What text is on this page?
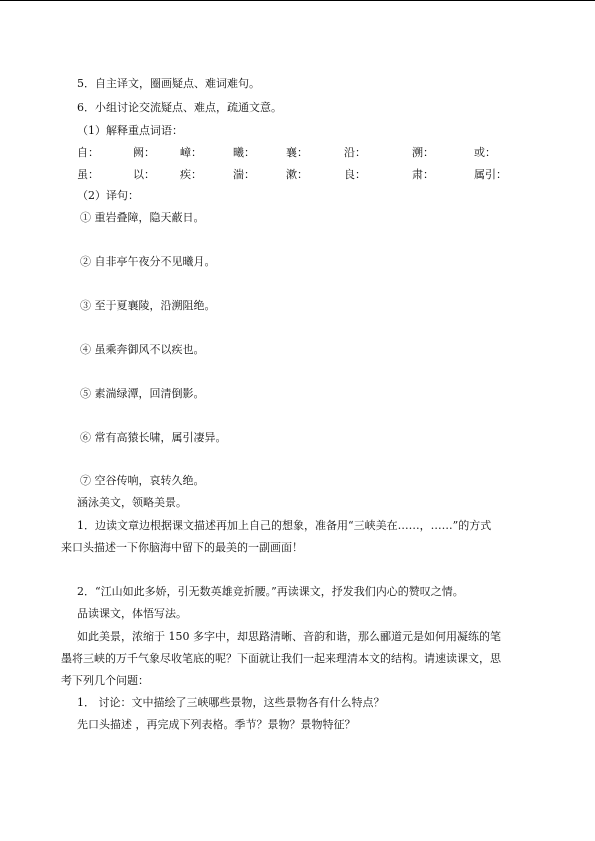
5．自主译文，圈画疑点、难词难句。
6．小组讨论交流疑点、难点，疏通文意。
（1）解释重点词语：
自：	阙： 嶂：	曦：	襄：	沿：	溯：	或：
虽：	以： 疾：	湍：	漱：	良：	肃：	属引：
（2）译句：
① 重岩叠障，隐天蔽日。
② 自非亭午夜分不见曦月。
③ 至于夏襄陵，沿溯阻绝。
④ 虽乘奔御风不以疾也。
⑤ 素湍绿潭，回清倒影。
⑥ 常有高猿长啸，属引凄异。
⑦ 空谷传响，哀转久绝。
涵泳美文，领略美景。
1．边读文章边根据课文描述再加上自己的想象，准备用“三峡美在……，……”的方式
来口头描述一下你脑海中留下的最美的一副画面！
2．“江山如此多娇，引无数英雄竞折腰。”再读课文，抒发我们内心的赞叹之情。
品读课文，体悟写法。
如此美景，浓缩于 150 多字中，却思路清晰、音韵和谐，那么郦道元是如何用凝练的笔
墨将三峡的万千气象尽收笔底的呢？下面就让我们一起来理清本文的结构。请速读课文，思
考下列几个问题：
1． 讨论：文中描绘了三峡哪些景物，这些景物各有什么特点？
先口头描述 ，再完成下列表格。季节？景物？景物特征？
